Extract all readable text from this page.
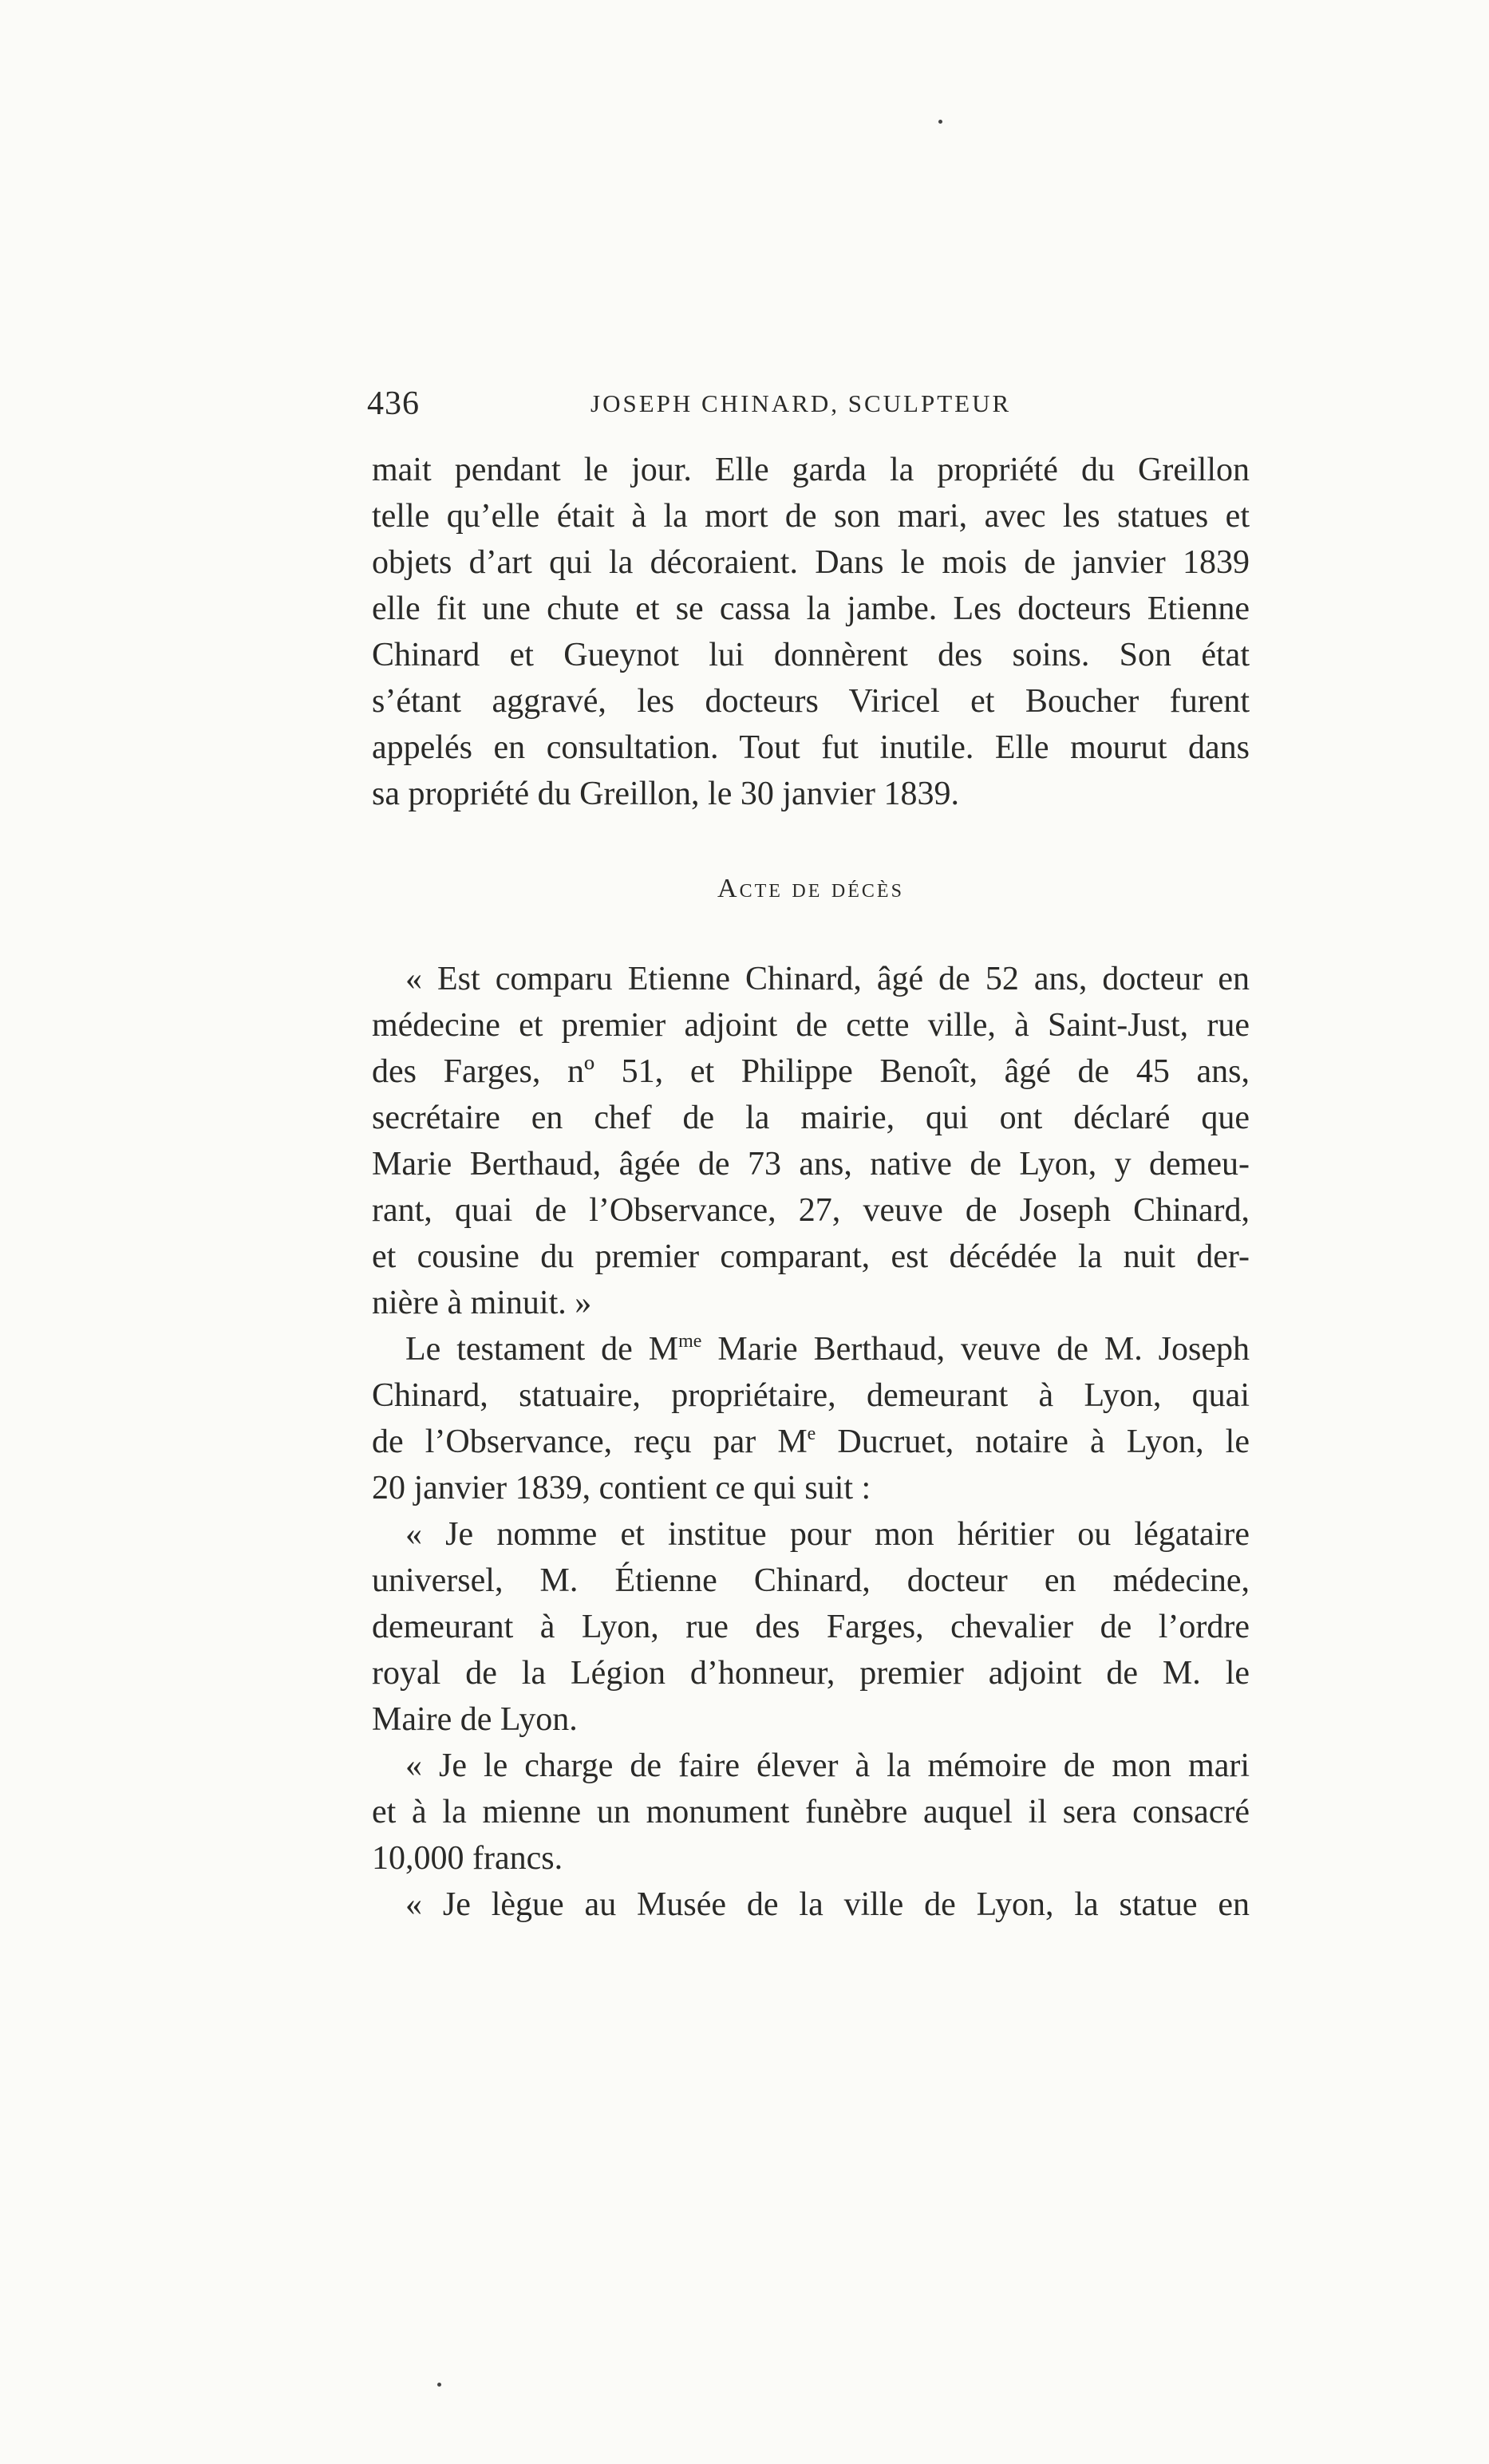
436	JOSEPH CHINARD, SCULPTEUR
mait pendant le jour. Elle garda la propriété du Greillon
telle qu’elle était à la mort de son mari, avec les statues et
objets d’art qui la décoraient. Dans le mois de janvier 1839
elle fit une chute et se cassa la jambe. Les docteurs Etienne
Chinard et Gueynot lui donnèrent des soins. Son état
s’étant aggravé, les docteurs Viricel et Boucher furent
appelés en consultation. Tout fut inutile. Elle mourut dans
sa propriété du Greillon, le 30 janvier 1839.
Acte de décès
« Est comparu Etienne Chinard, âgé de 52 ans, docteur en
médecine et premier adjoint de cette ville, à Saint-Just, rue
des Farges, nº 51, et Philippe Benoît, âgé de 45 ans,
secrétaire en chef de la mairie, qui ont déclaré que
Marie Berthaud, âgée de 73 ans, native de Lyon, y demeu-
rant, quai de l’Observance, 27, veuve de Joseph Chinard,
et cousine du premier comparant, est décédée la nuit der-
nière à minuit. »
Le testament de $M^{me}$ Marie Berthaud, veuve de M. Joseph
Chinard, statuaire, propriétaire, demeurant à Lyon, quai
de l’Observance, reçu par Me Ducruet, notaire à Lyon, le
20 janvier 1839, contient ce qui suit :
« Je nomme et institue pour mon héritier ou légataire
universel, M. Étienne Chinard, docteur en médecine,
demeurant à Lyon, rue des Farges, chevalier de l’ordre
royal de la Légion d’honneur, premier adjoint de M. le
Maire de Lyon.
« Je le charge de faire élever à la mémoire de mon mari
et à la mienne un monument funèbre auquel il sera consacré
10,000 francs.
« Je lègue au Musée de la ville de Lyon, la statue en
